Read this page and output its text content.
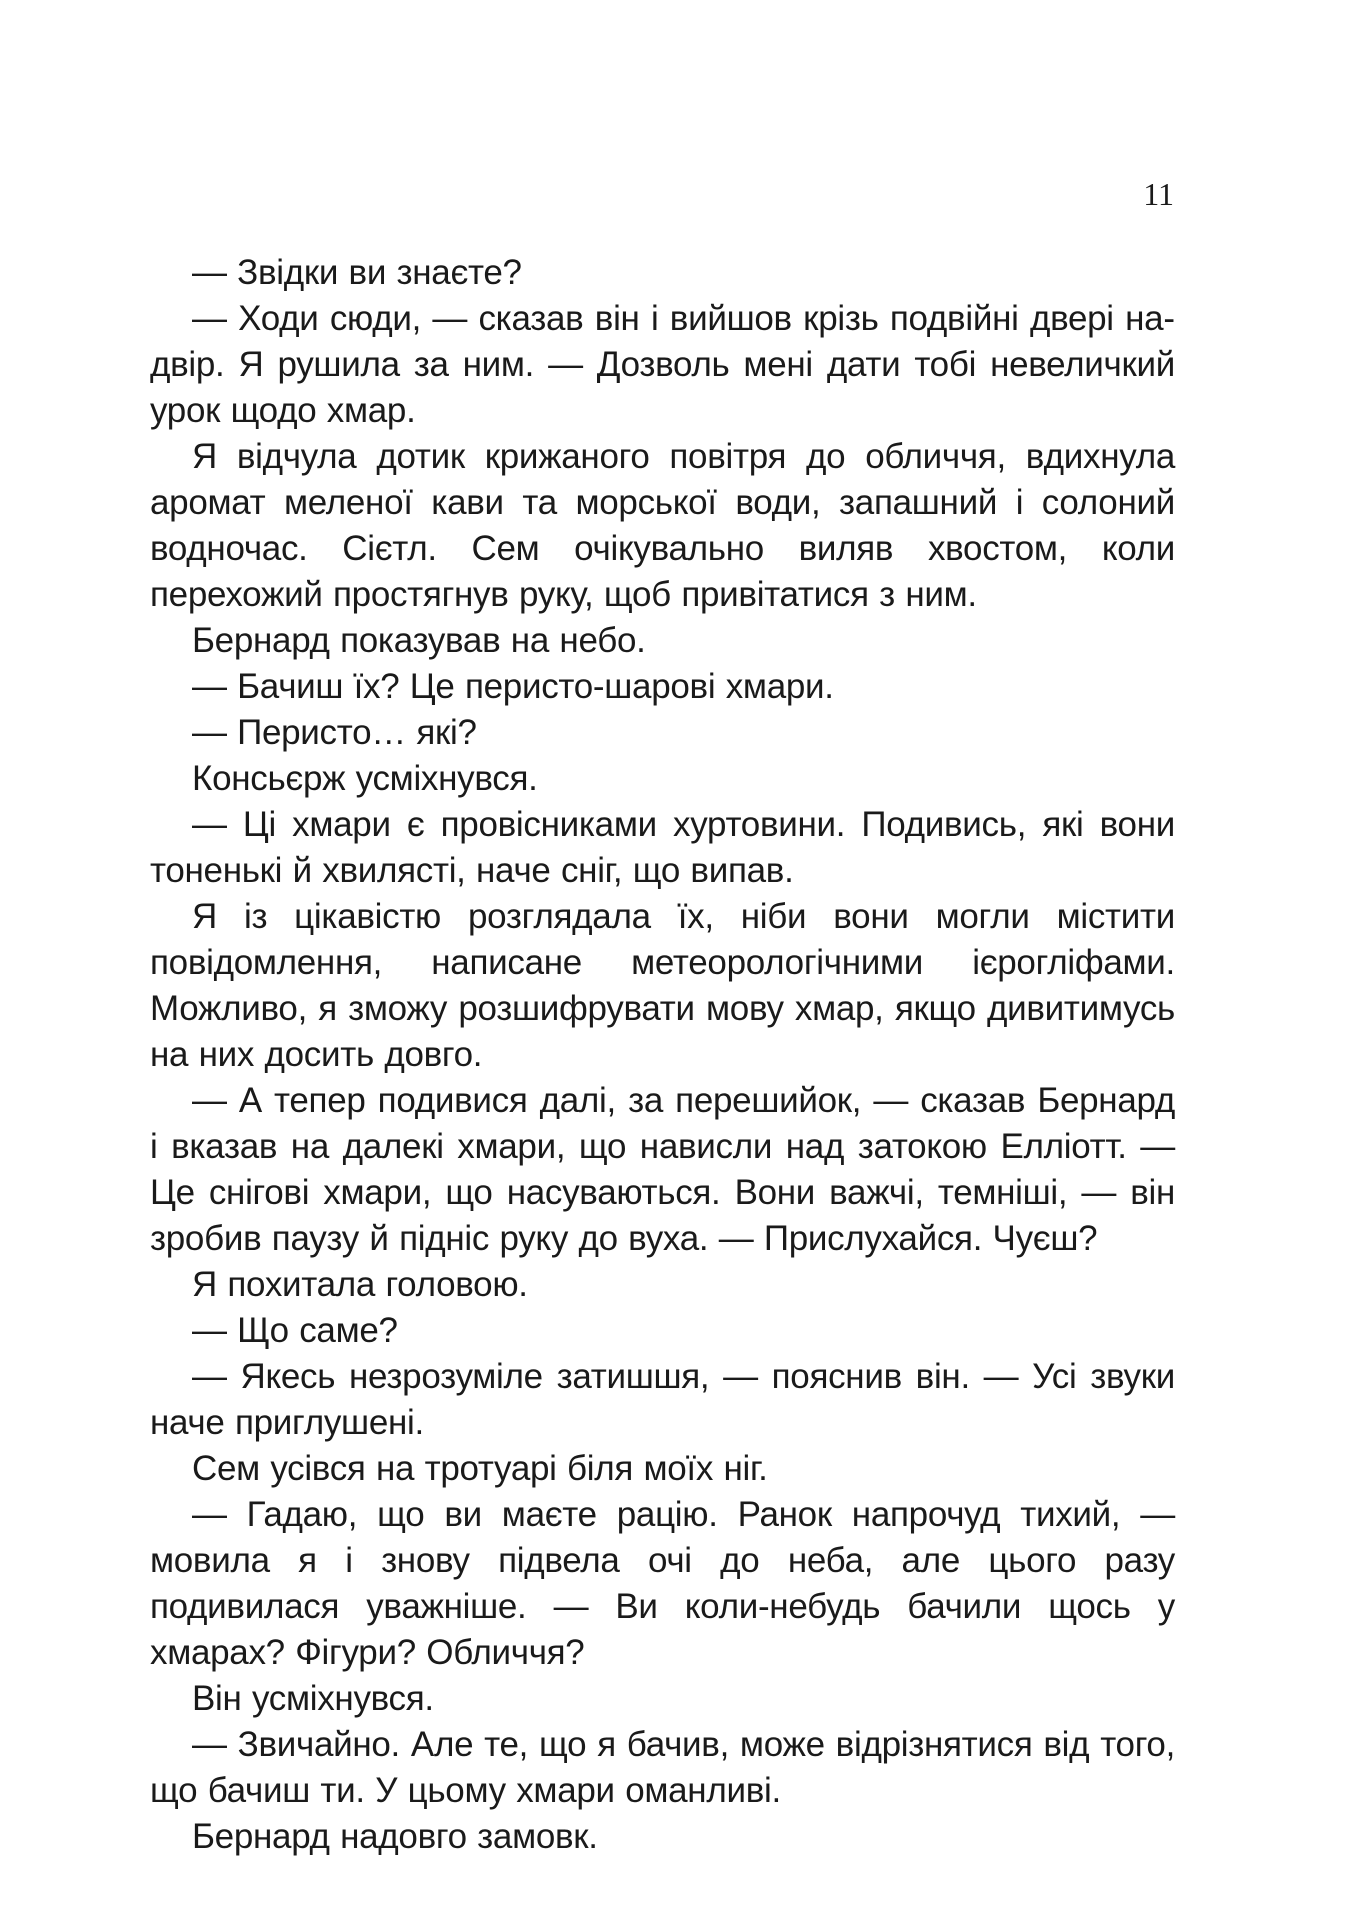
11

— Звідки ви знаєте?

— Ходи сюди, — сказав він і вийшов крізь подвійні двері надвір. Я рушила за ним. — Дозволь мені дати тобі невеличкий урок щодо хмар.

Я відчула дотик крижаного повітря до обличчя, вдихнула аромат меленої кави та морської води, запашний і солоний водночас. Сієтл. Сем очікувально виляв хвостом, коли перехожий простягнув руку, щоб привітатися з ним.

Бернард показував на небо.

— Бачиш їх? Це перисто-шарові хмари.

— Перисто… які?

Консьєрж усміхнувся.

— Ці хмари є провісниками хуртовини. Подивись, які вони тоненькі й хвилясті, наче сніг, що випав.

Я із цікавістю розглядала їх, ніби вони могли містити повідомлення, написане метеорологічними ієрогліфами. Можливо, я зможу розшифрувати мову хмар, якщо дивитимусь на них досить довго.

— А тепер подивися далі, за перешийок, — сказав Бернард і вказав на далекі хмари, що нависли над затокою Елліотт. — Це снігові хмари, що насуваються. Вони важчі, темніші, — він зробив паузу й підніс руку до вуха. — Прислухайся. Чуєш?

Я похитала головою.

— Що саме?

— Якесь незрозуміле затишшя, — пояснив він. — Усі звуки наче приглушені.

Сем усівся на тротуарі біля моїх ніг.

— Гадаю, що ви маєте рацію. Ранок напрочуд тихий, — мовила я і знову підвела очі до неба, але цього разу подивилася уважніше. — Ви коли-небудь бачили щось у хмарах? Фігури? Обличчя?

Він усміхнувся.

— Звичайно. Але те, що я бачив, може відрізнятися від того, що бачиш ти. У цьому хмари оманливі.

Бернард надовго замовк.
